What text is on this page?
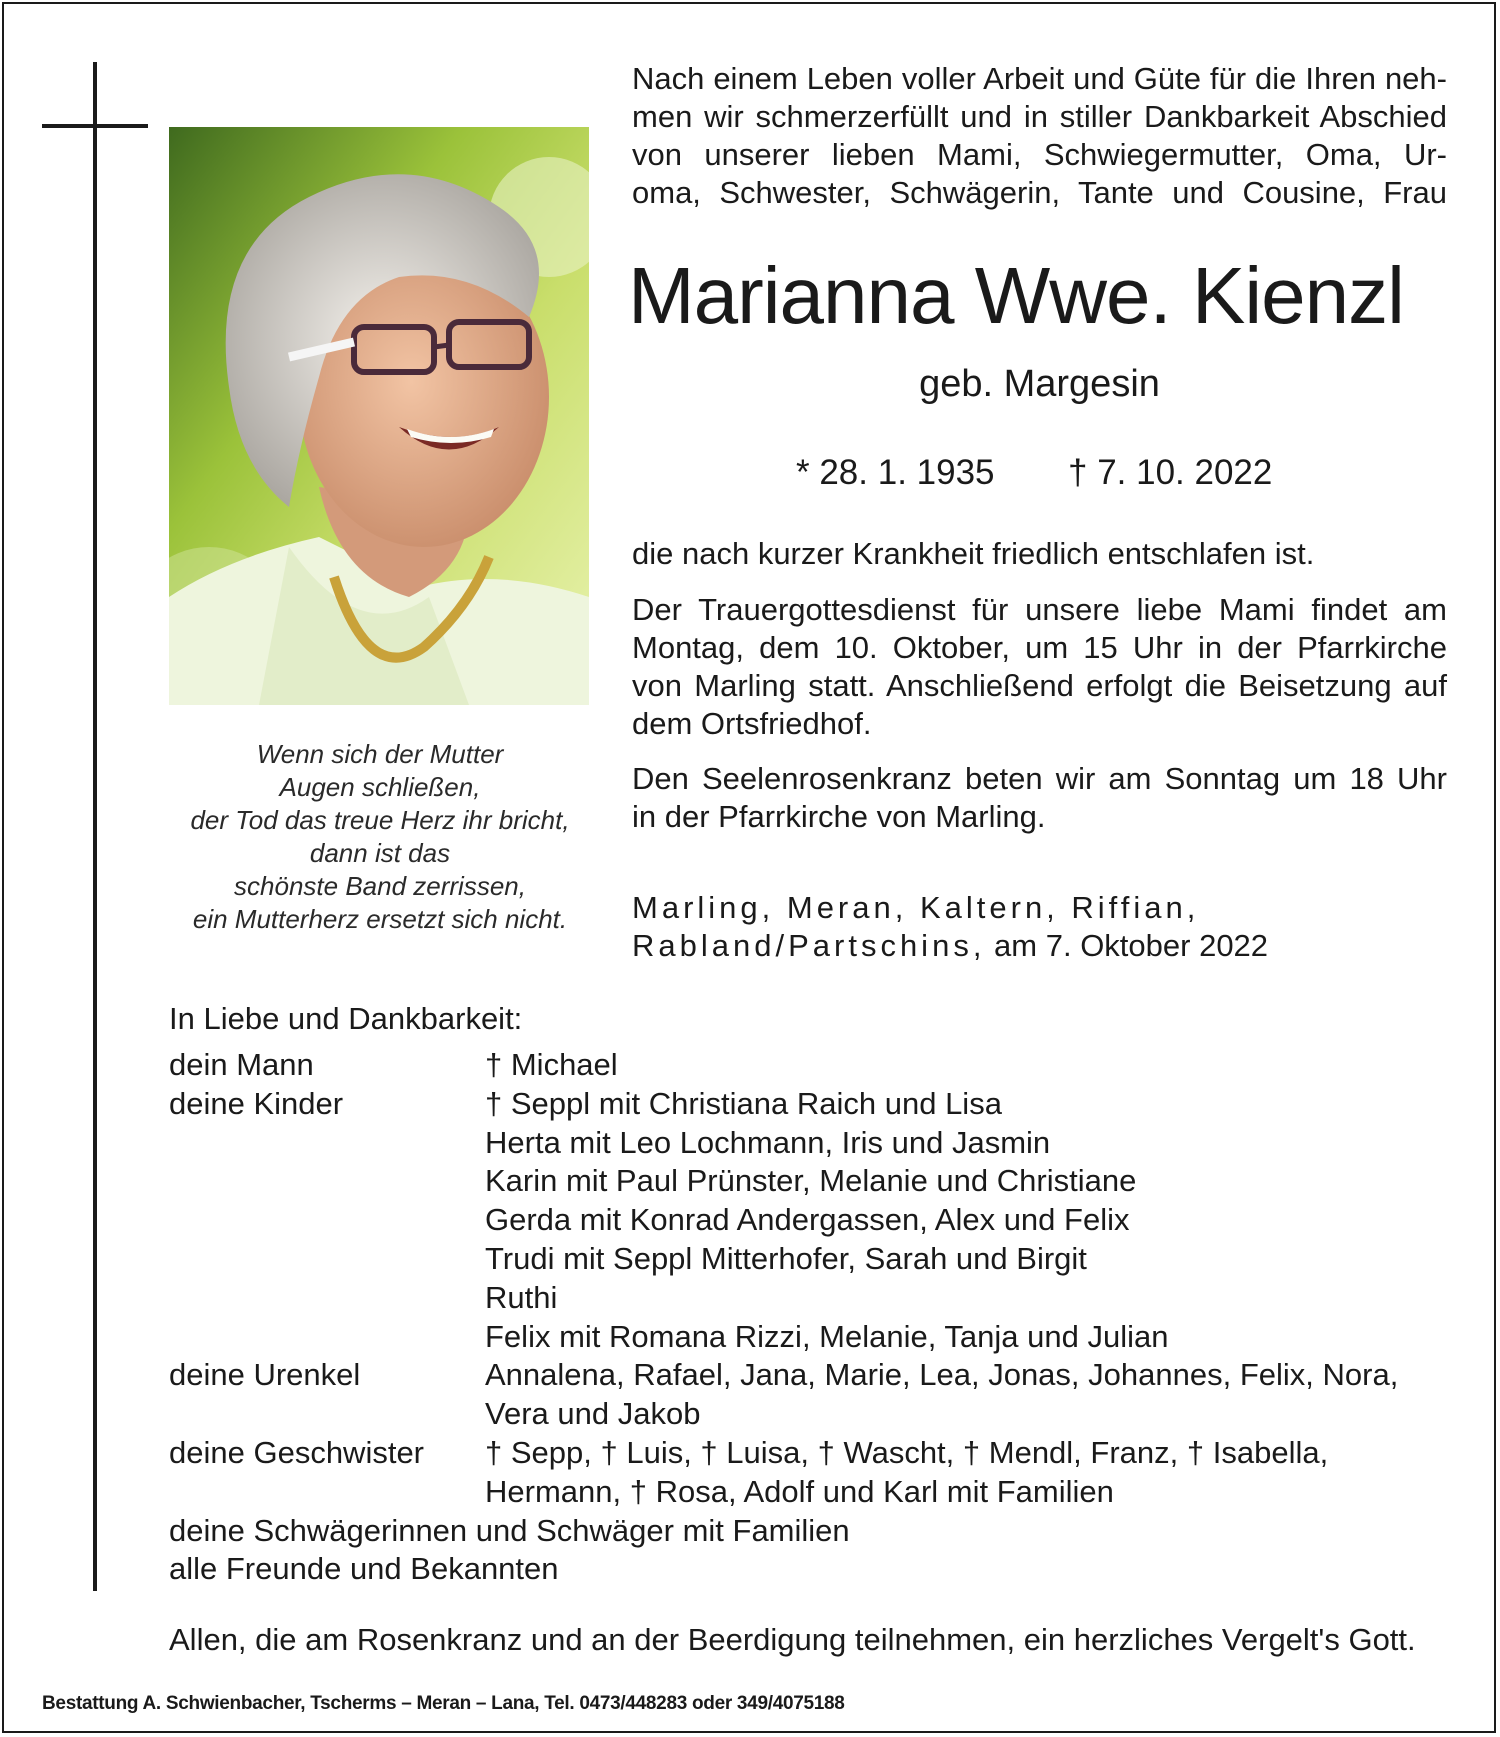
Wenn sich der Mutter
Augen schließen,
der Tod das treue Herz ihr bricht,
dann ist das
schönste Band zerrissen,
ein Mutterherz ersetzt sich nicht.
Nach einem Leben voller Arbeit und Güte für die Ihren neh-
men wir schmerzerfüllt und in stiller Dankbarkeit Abschied
von unserer lieben Mami, Schwiegermutter, Oma, Ur-
oma, Schwester, Schwägerin, Tante und Cousine, Frau
Marianna Wwe. Kienzl
geb. Margesin
* 28. 1. 1935 † 7. 10. 2022
die nach kurzer Krankheit friedlich entschlafen ist.
Der Trauergottesdienst für unsere liebe Mami findet am
Montag, dem 10. Oktober, um 15 Uhr in der Pfarrkirche
von Marling statt. Anschließend erfolgt die Beisetzung auf
dem Ortsfriedhof.
Den Seelenrosenkranz beten wir am Sonntag um 18 Uhr
in der Pfarrkirche von Marling.
Marling, Meran, Kaltern, Riffian,
Rabland/Partschins, am 7. Oktober 2022
In Liebe und Dankbarkeit:
dein Mann	† Michael
deine Kinder	† Seppl mit Christiana Raich und Lisa
Herta mit Leo Lochmann, Iris und Jasmin
Karin mit Paul Prünster, Melanie und Christiane
Gerda mit Konrad Andergassen, Alex und Felix
Trudi mit Seppl Mitterhofer, Sarah und Birgit
Ruthi
Felix mit Romana Rizzi, Melanie, Tanja und Julian
deine Urenkel	Annalena, Rafael, Jana, Marie, Lea, Jonas, Johannes, Felix, Nora,
Vera und Jakob
deine Geschwister	† Sepp, † Luis, † Luisa, † Wascht, † Mendl, Franz, † Isabella,
Hermann, † Rosa, Adolf und Karl mit Familien
deine Schwägerinnen und Schwäger mit Familien
alle Freunde und Bekannten
Allen, die am Rosenkranz und an der Beerdigung teilnehmen, ein herzliches Vergelt's Gott.
Bestattung A. Schwienbacher, Tscherms – Meran – Lana, Tel. 0473/448283 oder 349/4075188
